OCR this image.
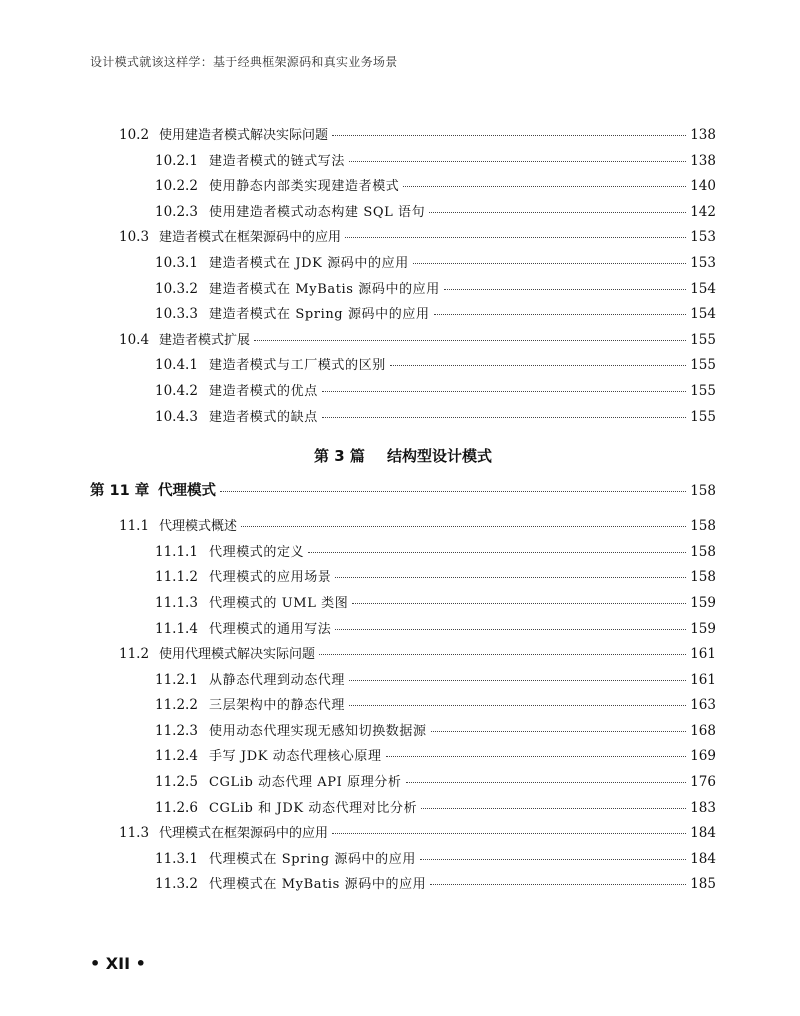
设计模式就该这样学：基于经典框架源码和真实业务场景
10.2 使用建造者模式解决实际问题	138
10.2.1 建造者模式的链式写法	138
10.2.2 使用静态内部类实现建造者模式	140
10.2.3 使用建造者模式动态构建 SQL 语句	142
10.3 建造者模式在框架源码中的应用	153
10.3.1 建造者模式在 JDK 源码中的应用	153
10.3.2 建造者模式在 MyBatis 源码中的应用	154
10.3.3 建造者模式在 Spring 源码中的应用	154
10.4 建造者模式扩展	155
10.4.1 建造者模式与工厂模式的区别	155
10.4.2 建造者模式的优点	155
10.4.3 建造者模式的缺点	155
第 3 篇 结构型设计模式
第 11 章 代理模式	158
11.1 代理模式概述	158
11.1.1 代理模式的定义	158
11.1.2 代理模式的应用场景	158
11.1.3 代理模式的 UML 类图	159
11.1.4 代理模式的通用写法	159
11.2 使用代理模式解决实际问题	161
11.2.1 从静态代理到动态代理	161
11.2.2 三层架构中的静态代理	163
11.2.3 使用动态代理实现无感知切换数据源	168
11.2.4 手写 JDK 动态代理核心原理	169
11.2.5 CGLib 动态代理 API 原理分析	176
11.2.6 CGLib 和 JDK 动态代理对比分析	183
11.3 代理模式在框架源码中的应用	184
11.3.1 代理模式在 Spring 源码中的应用	184
11.3.2 代理模式在 MyBatis 源码中的应用	185
• XII •
